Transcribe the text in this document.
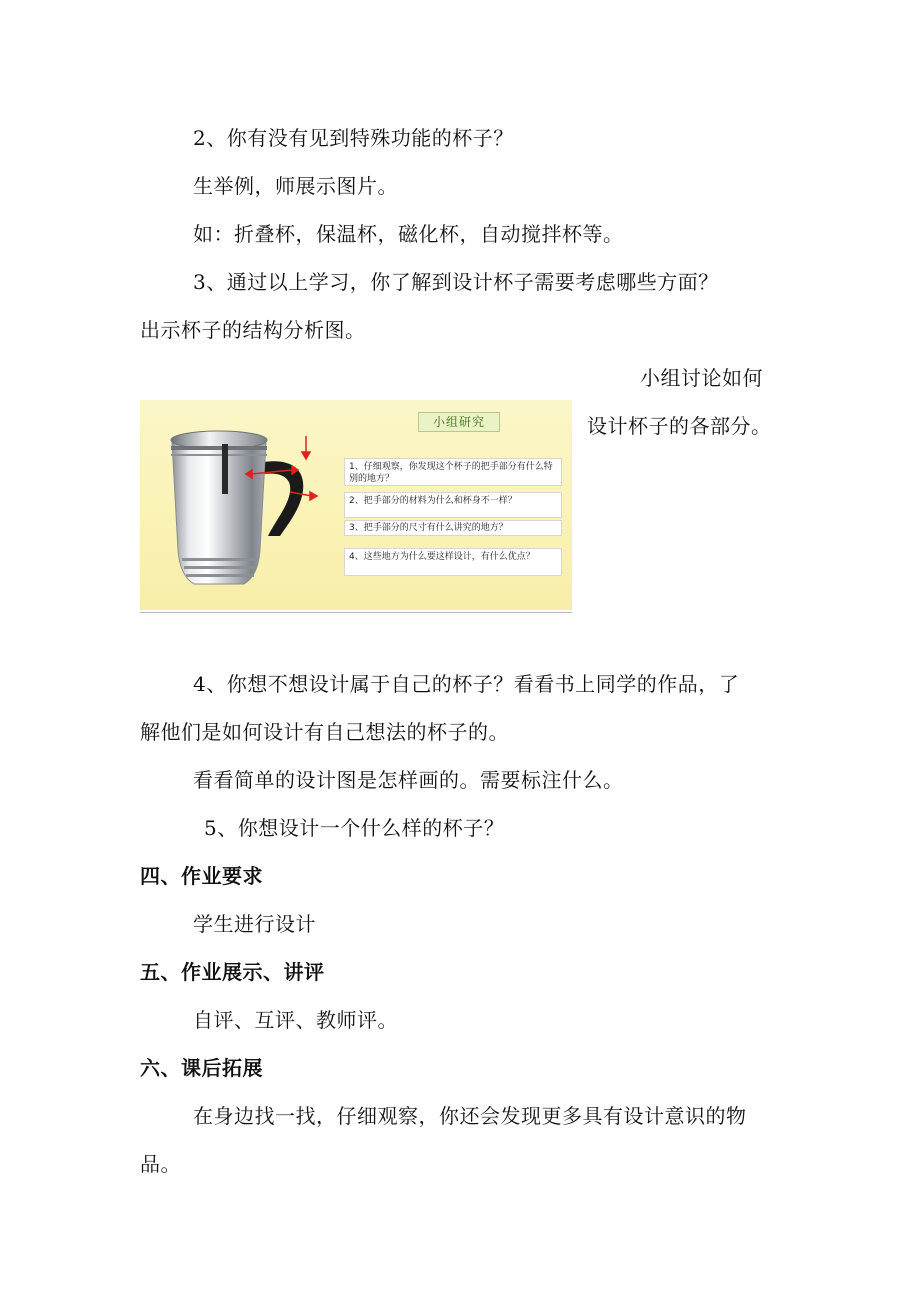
2、你有没有见到特殊功能的杯子？

生举例，师展示图片。

如：折叠杯，保温杯，磁化杯，自动搅拌杯等。

3、通过以上学习，你了解到设计杯子需要考虑哪些方面？

出示杯子的结构分析图。

小组讨论如何

设计杯子的各部分。

小组研究
1、仔细观察，你发现这个杯子的把手部分有什么特别的地方？
2、把手部分的材料为什么和杯身不一样？
3、把手部分的尺寸有什么讲究的地方？
4、这些地方为什么要这样设计，有什么优点？

4、你想不想设计属于自己的杯子？看看书上同学的作品，了

解他们是如何设计有自己想法的杯子的。

看看简单的设计图是怎样画的。需要标注什么。

5、你想设计一个什么样的杯子？

四、作业要求

学生进行设计

五、作业展示、讲评

自评、互评、教师评。

六、课后拓展

在身边找一找，仔细观察，你还会发现更多具有设计意识的物

品。
